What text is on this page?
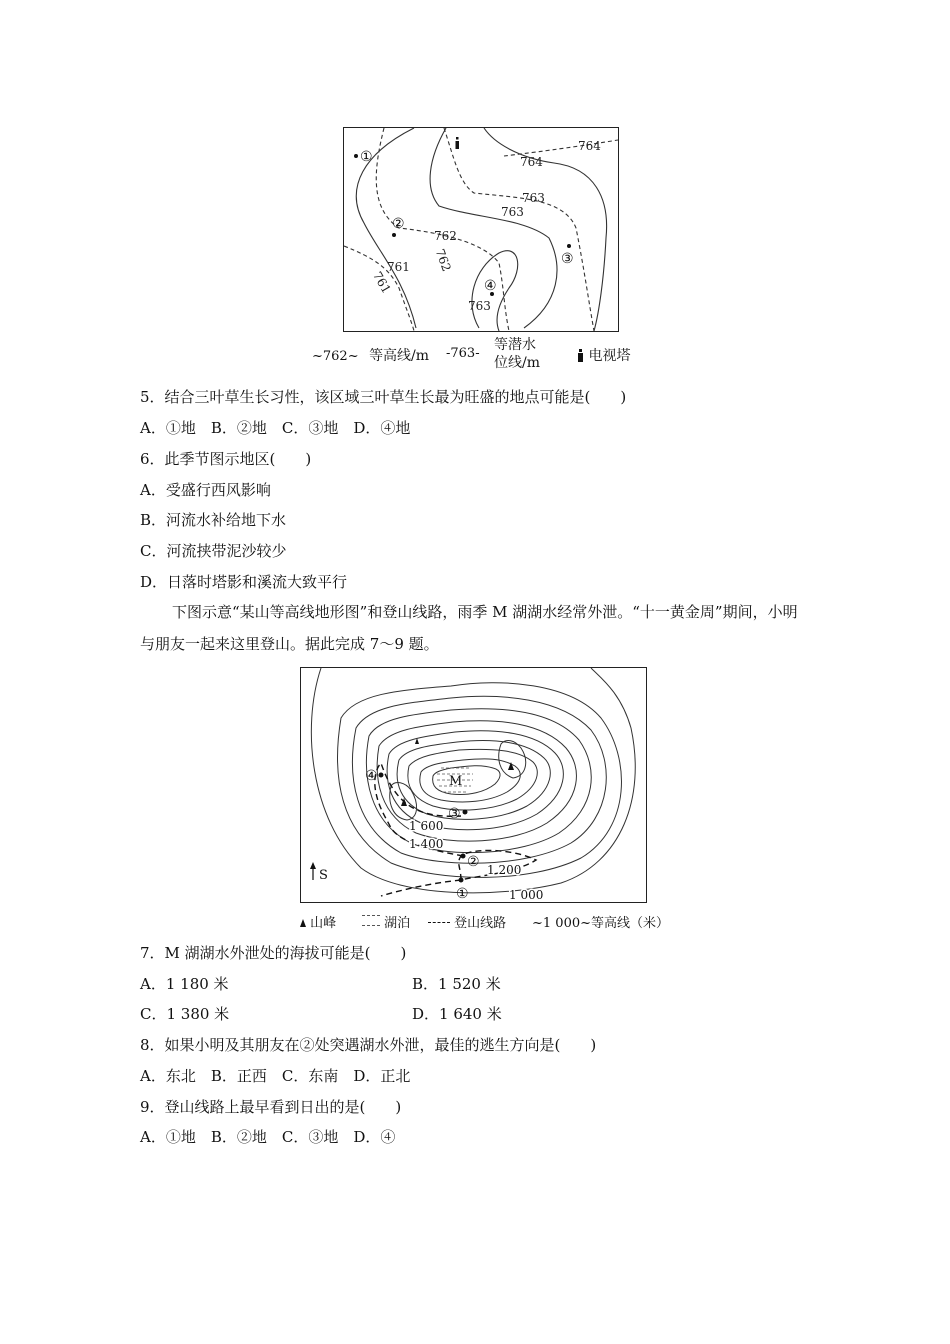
764
764
763
763
762
762
761
761
763
①
②
③
④
~762~ 等高线/m -763-
等潜水
位线/m	电视塔
5．结合三叶草生长习性，该区域三叶草生长最为旺盛的地点可能是(　　)
A．①地　B．②地　C．③地　D．④地
6．此季节图示地区(　　)
A．受盛行西风影响
B．河流水补给地下水
C．河流挟带泥沙较少
D．日落时塔影和溪流大致平行
下图示意“某山等高线地形图”和登山线路，雨季 M 湖湖水经常外泄。“十一黄金周”期间，小明与朋友一起来这里登山。据此完成 7～9 题。
M
①
②
③
④
1 600
1 400
1 200
1 000
S
山峰	湖泊	登山线路 ~1 000~等高线（米）
7．M 湖湖水外泄处的海拔可能是(　　)
A．1 180 米	B．1 520 米
C．1 380 米	D．1 640 米
8．如果小明及其朋友在②处突遇湖水外泄，最佳的逃生方向是(　　)
A．东北　B．正西　C．东南　D．正北
9．登山线路上最早看到日出的是(　　)
A．①地　B．②地　C．③地　D．④
